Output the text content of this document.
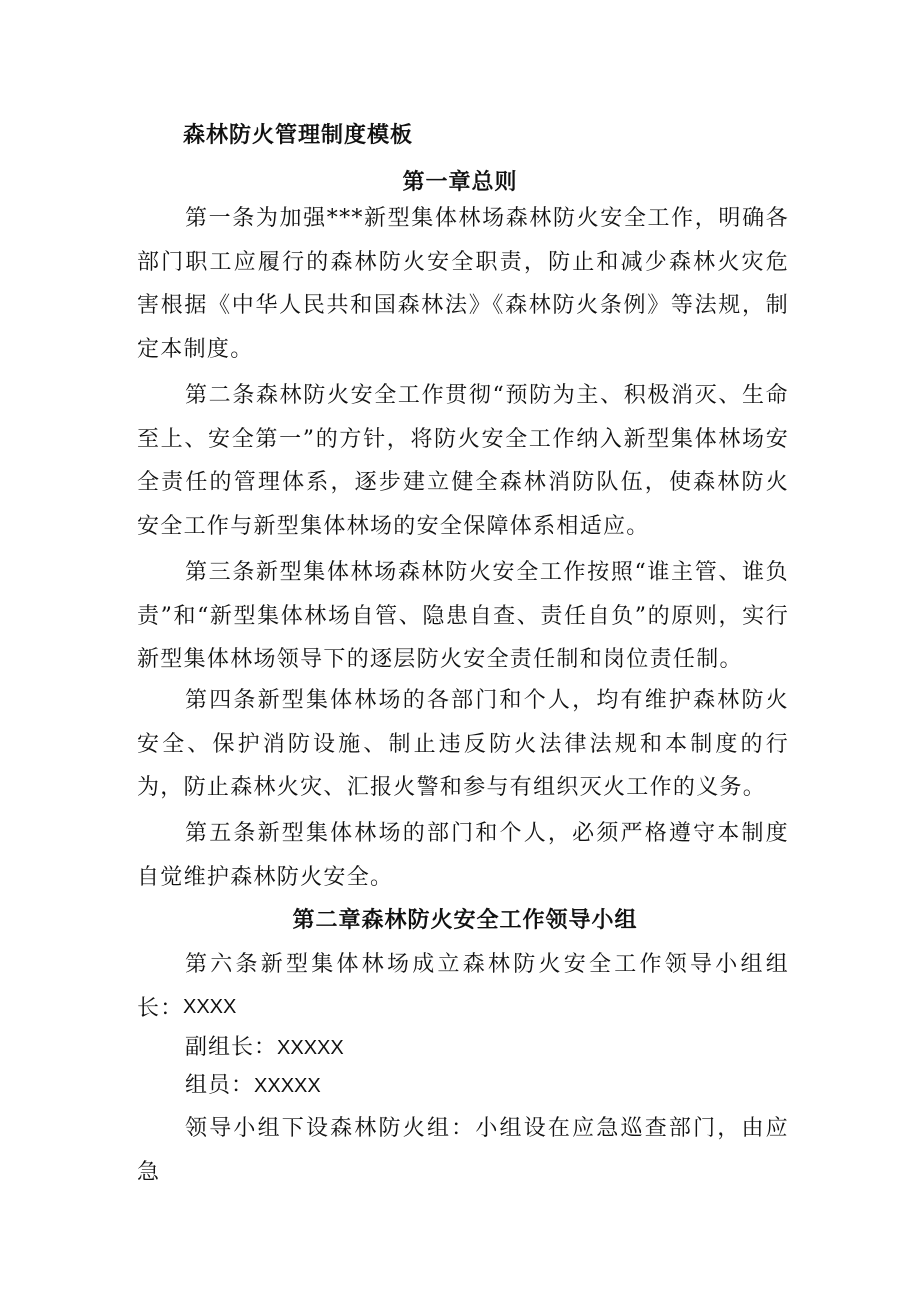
森林防火管理制度模板
第一章总则

第一条为加强***新型集体林场森林防火安全工作，明确各部门职工应履行的森林防火安全职责，防止和减少森林火灾危害根据《中华人民共和国森林法》《森林防火条例》等法规，制定本制度。

第二条森林防火安全工作贯彻“预防为主、积极消灭、生命至上、安全第一”的方针，将防火安全工作纳入新型集体林场安全责任的管理体系，逐步建立健全森林消防队伍，使森林防火安全工作与新型集体林场的安全保障体系相适应。

第三条新型集体林场森林防火安全工作按照“谁主管、谁负责”和“新型集体林场自管、隐患自查、责任自负”的原则，实行新型集体林场领导下的逐层防火安全责任制和岗位责任制。

第四条新型集体林场的各部门和个人，均有维护森林防火安全、保护消防设施、制止违反防火法律法规和本制度的行为，防止森林火灾、汇报火警和参与有组织灭火工作的义务。

第五条新型集体林场的部门和个人，必须严格遵守本制度自觉维护森林防火安全。

第二章森林防火安全工作领导小组

第六条新型集体林场成立森林防火安全工作领导小组组长： XXXX

副组长：XXXXX

组员：XXXXX

领导小组下设森林防火组：小组设在应急巡查部门，由应急
